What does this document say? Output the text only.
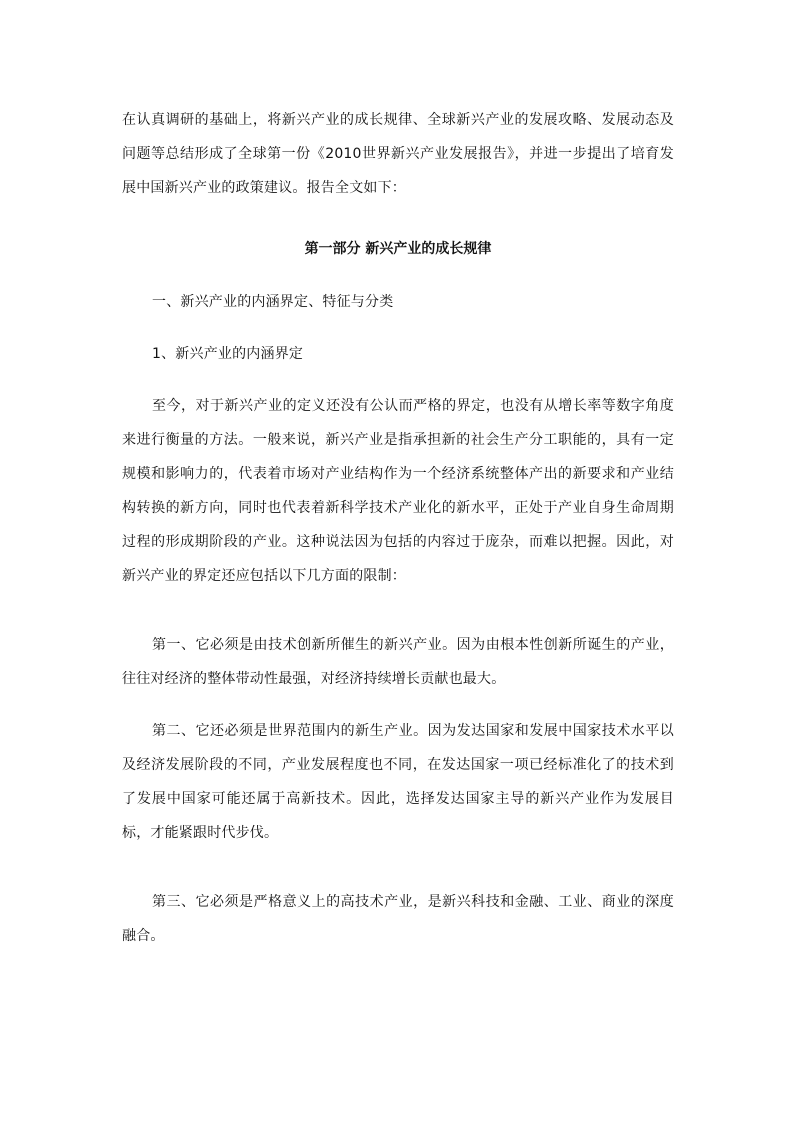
在认真调研的基础上，将新兴产业的成长规律、全球新兴产业的发展攻略、发展动态及问题等总结形成了全球第一份《2010世界新兴产业发展报告》，并进一步提出了培育发展中国新兴产业的政策建议。报告全文如下：

第一部分 新兴产业的成长规律

一、新兴产业的内涵界定、特征与分类

1、新兴产业的内涵界定

至今，对于新兴产业的定义还没有公认而严格的界定，也没有从增长率等数字角度来进行衡量的方法。一般来说，新兴产业是指承担新的社会生产分工职能的，具有一定规模和影响力的，代表着市场对产业结构作为一个经济系统整体产出的新要求和产业结构转换的新方向，同时也代表着新科学技术产业化的新水平，正处于产业自身生命周期过程的形成期阶段的产业。这种说法因为包括的内容过于庞杂，而难以把握。因此，对新兴产业的界定还应包括以下几方面的限制：

第一、它必须是由技术创新所催生的新兴产业。因为由根本性创新所诞生的产业，往往对经济的整体带动性最强，对经济持续增长贡献也最大。

第二、它还必须是世界范围内的新生产业。因为发达国家和发展中国家技术水平以及经济发展阶段的不同，产业发展程度也不同，在发达国家一项已经标准化了的技术到了发展中国家可能还属于高新技术。因此，选择发达国家主导的新兴产业作为发展目标，才能紧跟时代步伐。

第三、它必须是严格意义上的高技术产业，是新兴科技和金融、工业、商业的深度融合。
